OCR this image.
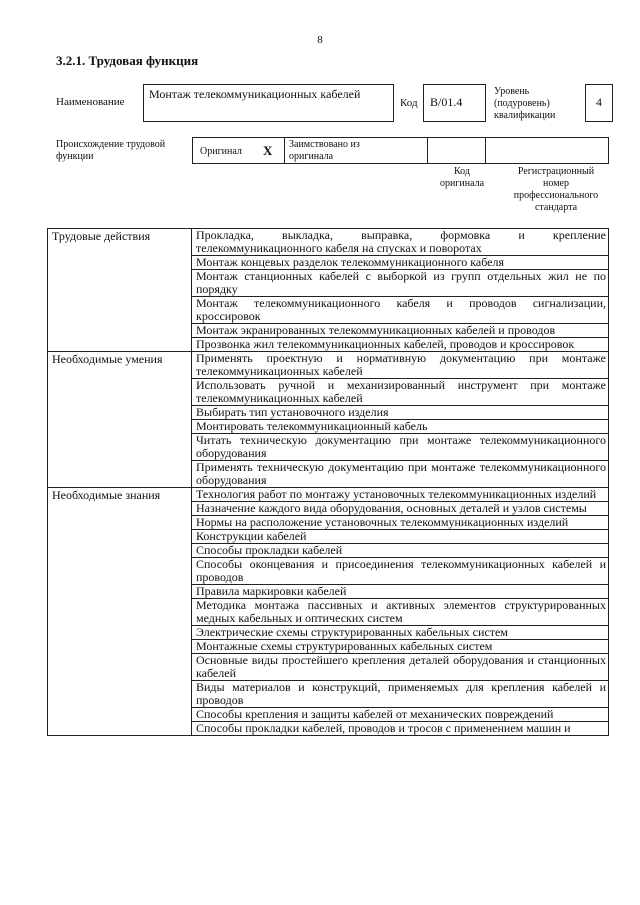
8
3.2.1. Трудовая функция
Наименование
Монтаж телекоммуникационных кабелей
Код	В/01.4
Уровень
(подуровень)
квалификации
4
Происхождение трудовой
функции	Оригинал X Заимствовано из
оригинала
Код
оригинала
Регистрационный
номер
профессионального
стандарта
Трудовые действия	Прокладка, выкладка, выправка, формовка и крепление телекоммуникационного кабеля на спусках и поворотах
	Монтаж концевых разделок телекоммуникационного кабеля
	Монтаж станционных кабелей с выборкой из групп отдельных жил не по порядку
	Монтаж телекоммуникационного кабеля и проводов сигнализации, кроссировок
	Монтаж экранированных телекоммуникационных кабелей и проводов
	Прозвонка жил телекоммуникационных кабелей, проводов и кроссировок
Необходимые умения	Применять проектную и нормативную документацию при монтаже телекоммуникационных кабелей
	Использовать ручной и механизированный инструмент при монтаже телекоммуникационных кабелей
	Выбирать тип установочного изделия
	Монтировать телекоммуникационный кабель
	Читать техническую документацию при монтаже телекоммуникационного оборудования
	Применять техническую документацию при монтаже телекоммуникационного оборудования
Необходимые знания	Технология работ по монтажу установочных телекоммуникационных изделий
	Назначение каждого вида оборудования, основных деталей и узлов системы
	Нормы на расположение установочных телекоммуникационных изделий
	Конструкции кабелей
	Способы прокладки кабелей
	Способы оконцевания и присоединения телекоммуникационных кабелей и проводов
	Правила маркировки кабелей
	Методика монтажа пассивных и активных элементов структурированных медных кабельных и оптических систем
	Электрические схемы структурированных кабельных систем
	Монтажные схемы структурированных кабельных систем
	Основные виды простейшего крепления деталей оборудования и станционных кабелей
	Виды материалов и конструкций, применяемых для крепления кабелей и проводов
	Способы крепления и защиты кабелей от механических повреждений
	Способы прокладки кабелей, проводов и тросов с применением машин и
